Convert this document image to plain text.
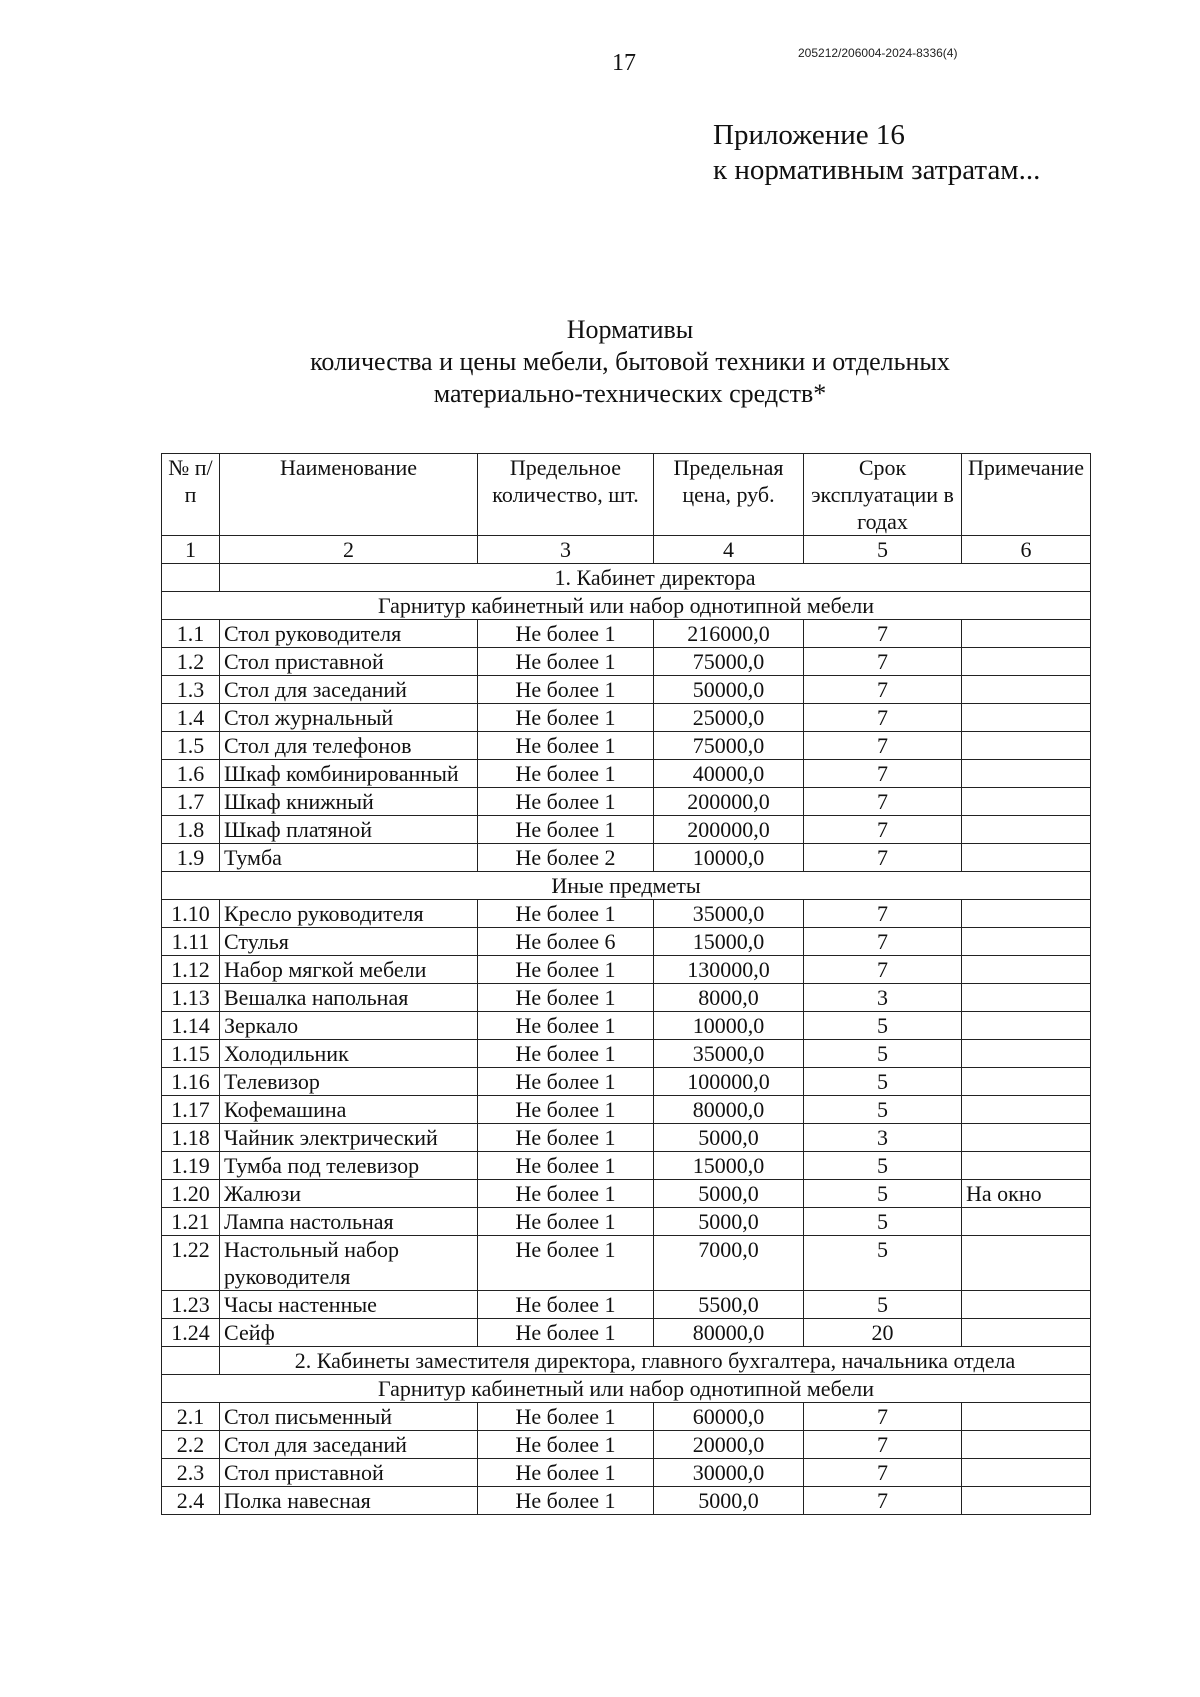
17	205212/206004-2024-8336(4)
Приложение 16
к нормативным затратам...
Нормативы
количества и цены мебели, бытовой техники и отдельных
материально-технических средств*
№ п/п	Наименование	Предельное количество, шт.	Предельная цена, руб.	Срок эксплуатации в годах	Примечание
1	2	3	4	5	6
	1. Кабинет директора				
Гарнитур кабинетный или набор однотипной мебели					
1.1	Стол руководителя	Не более 1	216000,0	7	
1.2	Стол приставной	Не более 1	75000,0	7	
1.3	Стол для заседаний	Не более 1	50000,0	7	
1.4	Стол журнальный	Не более 1	25000,0	7	
1.5	Стол для телефонов	Не более 1	75000,0	7	
1.6	Шкаф комбинированный	Не более 1	40000,0	7	
1.7	Шкаф книжный	Не более 1	200000,0	7	
1.8	Шкаф платяной	Не более 1	200000,0	7	
1.9	Тумба	Не более 2	10000,0	7	
Иные предметы					
1.10	Кресло руководителя	Не более 1	35000,0	7	
1.11	Стулья	Не более 6	15000,0	7	
1.12	Набор мягкой мебели	Не более 1	130000,0	7	
1.13	Вешалка напольная	Не более 1	8000,0	3	
1.14	Зеркало	Не более 1	10000,0	5	
1.15	Холодильник	Не более 1	35000,0	5	
1.16	Телевизор	Не более 1	100000,0	5	
1.17	Кофемашина	Не более 1	80000,0	5	
1.18	Чайник электрический	Не более 1	5000,0	3	
1.19	Тумба под телевизор	Не более 1	15000,0	5	
1.20	Жалюзи	Не более 1	5000,0	5	На окно
1.21	Лампа настольная	Не более 1	5000,0	5	
1.22	Настольный набор руководителя	Не более 1	7000,0	5	
1.23	Часы настенные	Не более 1	5500,0	5	
1.24	Сейф	Не более 1	80000,0	20	
	2. Кабинеты заместителя директора, главного бухгалтера, начальника отдела				
Гарнитур кабинетный или набор однотипной мебели					
2.1	Стол письменный	Не более 1	60000,0	7	
2.2	Стол для заседаний	Не более 1	20000,0	7	
2.3	Стол приставной	Не более 1	30000,0	7	
2.4	Полка навесная	Не более 1	5000,0	7	
